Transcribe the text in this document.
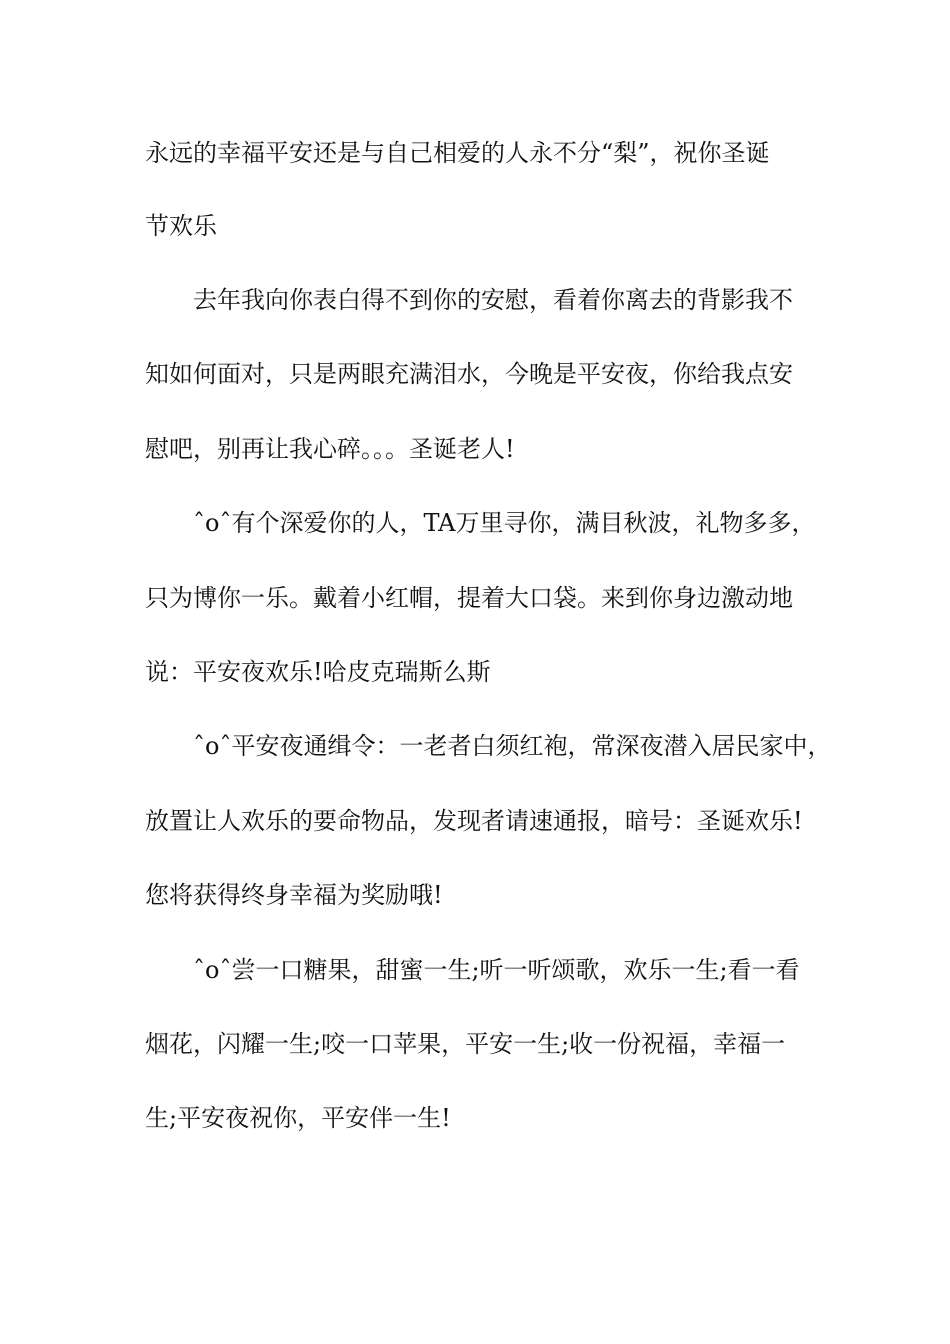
永远的幸福平安还是与自己相爱的人永不分“梨”，祝你圣诞
节欢乐
去年我向你表白得不到你的安慰，看着你离去的背影我不
知如何面对，只是两眼充满泪水，今晚是平安夜，你给我点安
慰吧，别再让我心碎。。。圣诞老人!
ˆoˆ有个深爱你的人，TA万里寻你，满目秋波，礼物多多，
只为博你一乐。戴着小红帽，提着大口袋。来到你身边激动地
说：平安夜欢乐!哈皮克瑞斯么斯
ˆoˆ平安夜通缉令：一老者白须红袍，常深夜潜入居民家中，
放置让人欢乐的要命物品，发现者请速通报，暗号：圣诞欢乐!
您将获得终身幸福为奖励哦!
ˆoˆ尝一口糖果，甜蜜一生;听一听颂歌，欢乐一生;看一看
烟花，闪耀一生;咬一口苹果，平安一生;收一份祝福，幸福一
生;平安夜祝你，平安伴一生!
